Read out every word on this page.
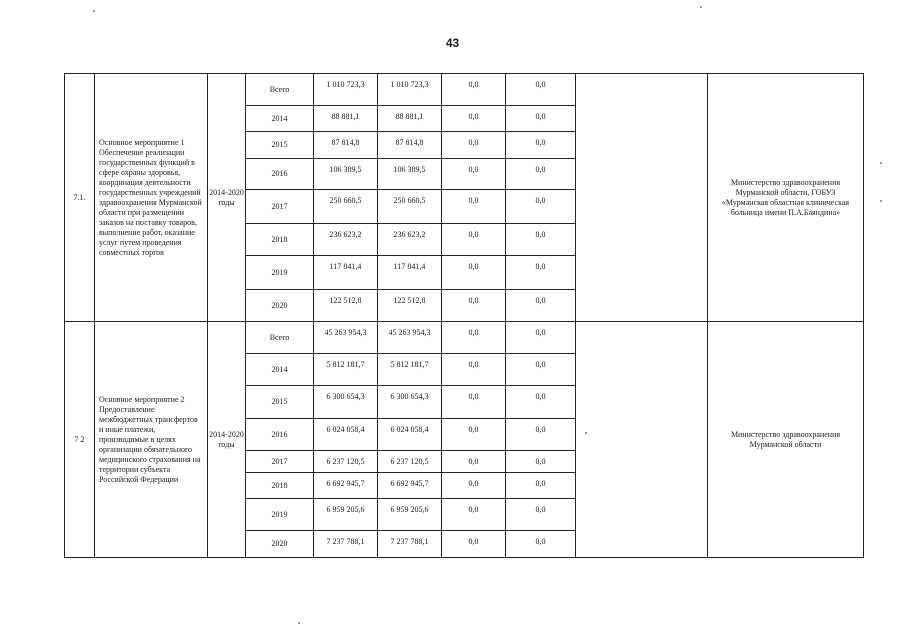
43
7.1.	Основное мероприятие 1 Обеспечение реализации государственных функций в сфере охраны здоровья, координация деятельности государственных учреждений здравоохранения Мурманской области при размещении заказов на поставку товаров, выполнение работ, оказание услуг путем проведения совместных торгов	2014-2020 годы	Всего	1 010 723,3	1 010 723,3	0,0	0,0		Министерство здравоохранения Мурманской области, ГОБУЗ «Мурманская областная клиническая больница имени П.А.Баяндина»
			2014	88 881,1	88 881,1	0,0	0,0		
			2015	87 814,8	87 814,8	0,0	0,0		
			2016	106 389,5	106 389,5	0,0	0,0		
			2017	250 660,5	250 660,5	0,0	0,0		
			2018	236 623,2	236 623,2	0,0	0,0		
			2019	117 841,4	117 841,4	0,0	0,0		
			2020	122 512,8	122 512,8	0,0	0,0		
7 2	Основное мероприятие 2 Предоставление межбюджетных трансфертов и иные платежи, производимые в целях организации обязательного медицинского страхования на территории субъекта Российской Федерации	2014-2020 годы	Всего	45 263 954,3	45 263 954,3	0,0	0,0		Министерство здравоохранения Мурманской области
			2014	5 812 181,7	5 812 181,7	0,0	0,0		
			2015	6 300 654,3	6 300 654,3	0,0	0,0		
			2016	6 024 058,4	6 024 058,4	0,0	0,0		
			2017	6 237 120,5	6 237 120,5	0,0	0,0		
			2018	6 692 945,7	6 692 945,7	0,0	0,0		
			2019	6 959 205,6	6 959 205,6	0,0	0,0		
			2020	7 237 788,1	7 237 788,1	0,0	0,0		
